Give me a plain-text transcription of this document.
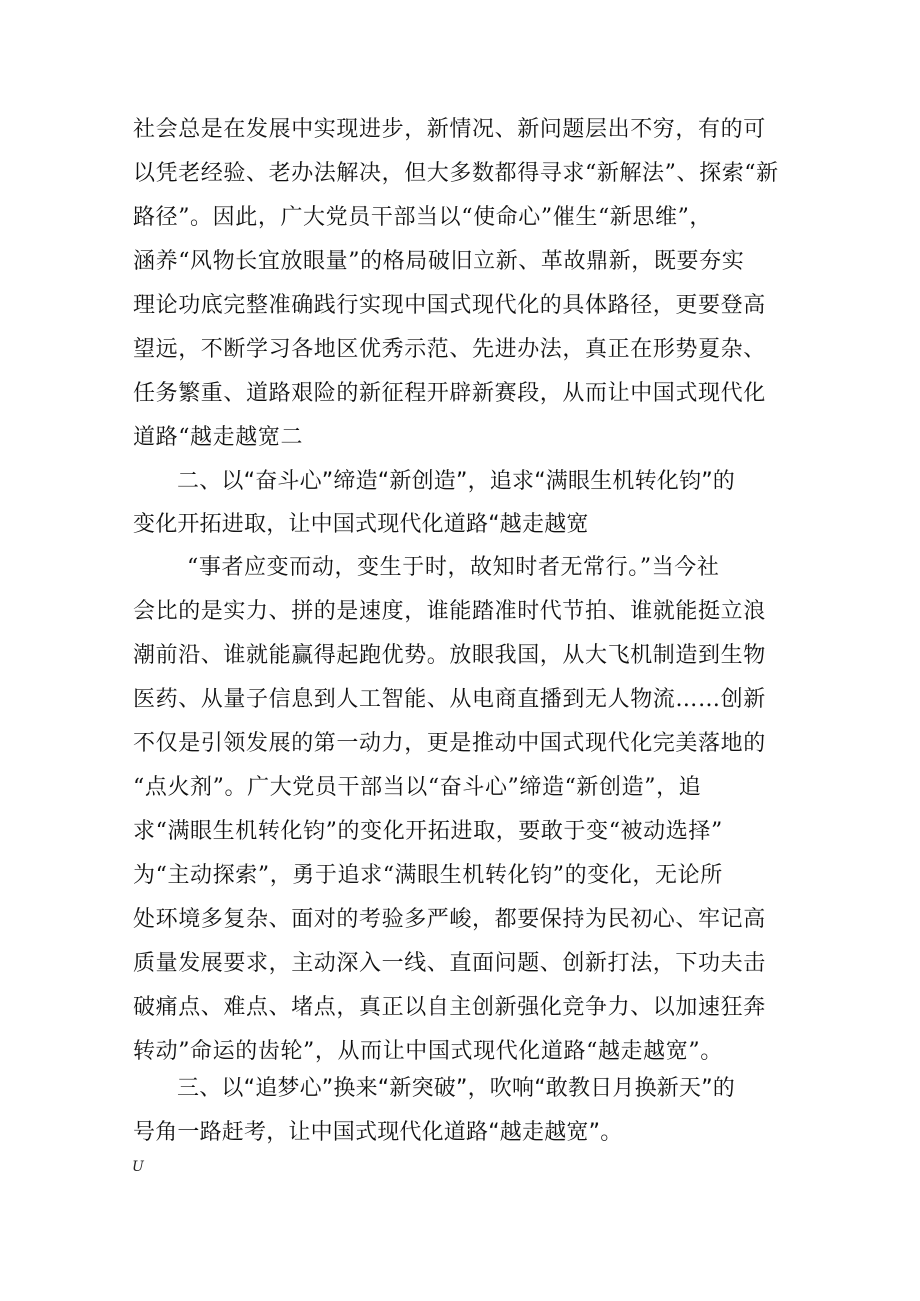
社会总是在发展中实现进步，新情况、新问题层出不穷，有的可

以凭老经验、老办法解决，但大多数都得寻求“新解法”、探索“新

路径”。因此，广大党员干部当以“使命心”催生“新思维”，

涵养“风物长宜放眼量”的格局破旧立新、革故鼎新，既要夯实

理论功底完整准确践行实现中国式现代化的具体路径，更要登高

望远，不断学习各地区优秀示范、先进办法，真正在形势夏杂、

任务繁重、道路艰险的新征程开辟新赛段，从而让中国式现代化

道路“越走越宽二

二、以“奋斗心”缔造“新创造”，追求“满眼生机转化钧”的

变化开拓进取，让中国式现代化道路“越走越宽

“事者应变而动，变生于时，故知时者无常行。”当今社

会比的是实力、拼的是速度，谁能踏准时代节拍、谁就能挺立浪

潮前沿、谁就能赢得起跑优势。放眼我国，从大飞机制造到生物

医药、从量子信息到人工智能、从电商直播到无人物流……创新

不仅是引领发展的第一动力，更是推动中国式现代化完美落地的

“点火剂”。广大党员干部当以“奋斗心”缔造“新创造”，追

求“满眼生机转化钧”的变化开拓进取，要敢于变“被动选择”

为“主动探索”，勇于追求“满眼生机转化钧”的变化，无论所

处环境多复杂、面对的考验多严峻，都要保持为民初心、牢记高

质量发展要求，主动深入一线、直面问题、创新打法，下功夫击

破痛点、难点、堵点，真正以自主创新强化竞争力、以加速狂奔

转动”命运的齿轮”，从而让中国式现代化道路“越走越宽”。

三、以“追梦心”换来“新突破”，吹响“敢教日月换新天”的

号角一路赶考，让中国式现代化道路“越走越宽”。

U
